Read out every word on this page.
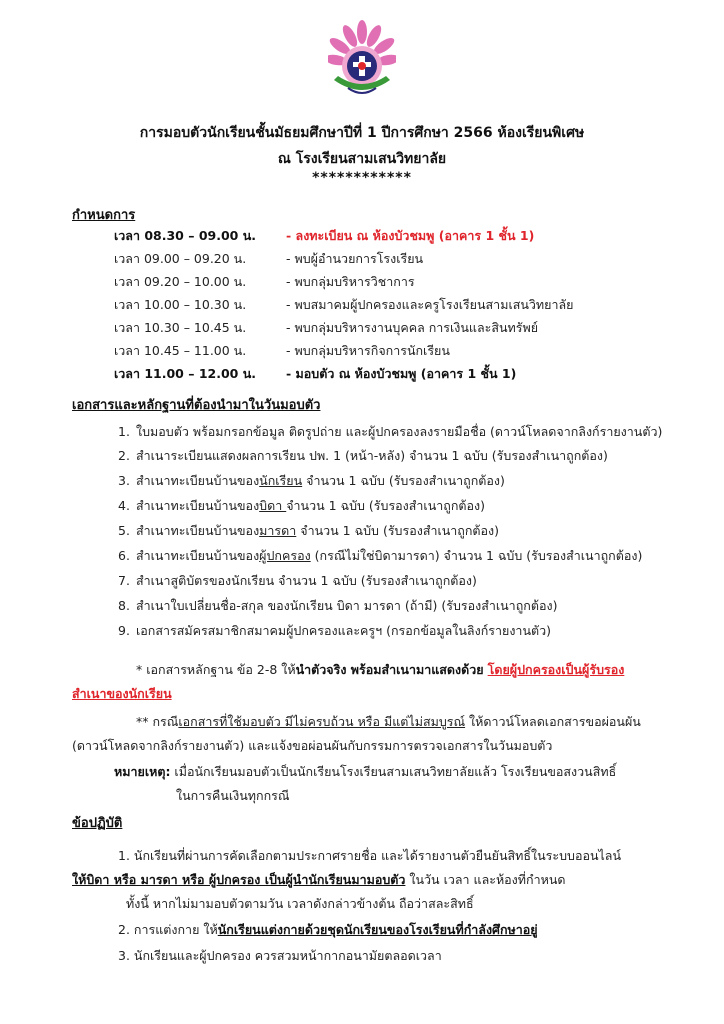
การมอบตัวนักเรียนชั้นมัธยมศึกษาปีที่ 1 ปีการศึกษา 2566 ห้องเรียนพิเศษ
ณ โรงเรียนสามเสนวิทยาลัย
************
กำหนดการ
เวลา 08.30 – 09.00 น. - ลงทะเบียน ณ ห้องบัวชมพู (อาคาร 1 ชั้น 1)
เวลา 09.00 – 09.20 น.	- พบผู้อำนวยการโรงเรียน
เวลา 09.20 – 10.00 น.	- พบกลุ่มบริหารวิชาการ
เวลา 10.00 – 10.30 น.	- พบสมาคมผู้ปกครองและครูโรงเรียนสามเสนวิทยาลัย
เวลา 10.30 – 10.45 น.	- พบกลุ่มบริหารงานบุคคล การเงินและสินทรัพย์
เวลา 10.45 – 11.00 น.	- พบกลุ่มบริหารกิจการนักเรียน
เวลา 11.00 – 12.00 น. - มอบตัว ณ ห้องบัวชมพู (อาคาร 1 ชั้น 1)
เอกสารและหลักฐานที่ต้องนำมาในวันมอบตัว
1. ใบมอบตัว พร้อมกรอกข้อมูล ติดรูปถ่าย และผู้ปกครองลงรายมือชื่อ (ดาวน์โหลดจากลิงก์รายงานตัว)
2. สำเนาระเบียนแสดงผลการเรียน ปพ. 1 (หน้า-หลัง) จำนวน 1 ฉบับ (รับรองสำเนาถูกต้อง)
3. สำเนาทะเบียนบ้านของนักเรียน จำนวน 1 ฉบับ (รับรองสำเนาถูกต้อง)
4. สำเนาทะเบียนบ้านของบิดา จำนวน 1 ฉบับ (รับรองสำเนาถูกต้อง)
5. สำเนาทะเบียนบ้านของมารดา จำนวน 1 ฉบับ (รับรองสำเนาถูกต้อง)
6. สำเนาทะเบียนบ้านของผู้ปกครอง (กรณีไม่ใช่บิดามารดา) จำนวน 1 ฉบับ (รับรองสำเนาถูกต้อง)
7. สำเนาสูติบัตรของนักเรียน จำนวน 1 ฉบับ (รับรองสำเนาถูกต้อง)
8. สำเนาใบเปลี่ยนชื่อ-สกุล ของนักเรียน บิดา มารดา (ถ้ามี) (รับรองสำเนาถูกต้อง)
9. เอกสารสมัครสมาชิกสมาคมผู้ปกครองและครูฯ (กรอกข้อมูลในลิงก์รายงานตัว)
* เอกสารหลักฐาน ข้อ 2-8 ให้นำตัวจริง พร้อมสำเนามาแสดงด้วย โดยผู้ปกครองเป็นผู้รับรอง
สำเนาของนักเรียน
** กรณีเอกสารที่ใช้มอบตัว มีไม่ครบถ้วน หรือ มีแต่ไม่สมบูรณ์ ให้ดาวน์โหลดเอกสารขอผ่อนผัน
(ดาวน์โหลดจากลิงก์รายงานตัว) และแจ้งขอผ่อนผันกับกรรมการตรวจเอกสารในวันมอบตัว
หมายเหตุ: เมื่อนักเรียนมอบตัวเป็นนักเรียนโรงเรียนสามเสนวิทยาลัยแล้ว โรงเรียนขอสงวนสิทธิ์
ในการคืนเงินทุกกรณี
ข้อปฏิบัติ
1. นักเรียนที่ผ่านการคัดเลือกตามประกาศรายชื่อ และได้รายงานตัวยืนยันสิทธิ์ในระบบออนไลน์
ให้บิดา หรือ มารดา หรือ ผู้ปกครอง เป็นผู้นำนักเรียนมามอบตัว ในวัน เวลา และห้องที่กำหนด
ทั้งนี้ หากไม่มามอบตัวตามวัน เวลาดังกล่าวข้างต้น ถือว่าสละสิทธิ์
2. การแต่งกาย ให้นักเรียนแต่งกายด้วยชุดนักเรียนของโรงเรียนที่กำลังศึกษาอยู่
3. นักเรียนและผู้ปกครอง ควรสวมหน้ากากอนามัยตลอดเวลา
